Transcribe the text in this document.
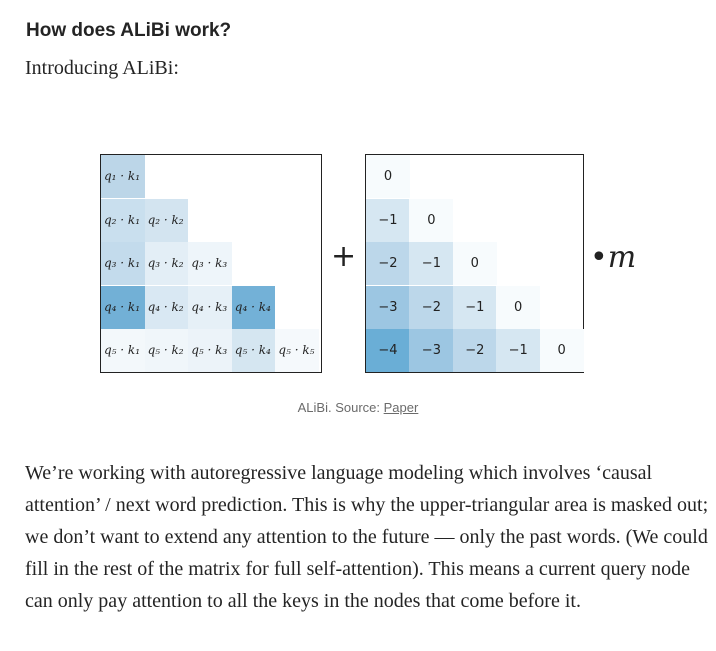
How does ALiBi work?
Introducing ALiBi:
q₁ · k₁
q₂ · k₁ q₂ · k₂
q₃ · k₁ q₃ · k₂ q₃ · k₃
q₄ · k₁ q₄ · k₂ q₄ · k₃ q₄ · k₄
q₅ · k₁ q₅ · k₂ q₅ · k₃ q₅ · k₄ q₅ · k₅
+
0
−1	0
−2	−1	0
−3	−2	−1	0
−4	−3	−2	−1	0
•m
ALiBi. Source: Paper
We’re working with autoregressive language modeling which involves ‘causal attention’ / next word prediction. This is why the upper-triangular area is masked out; we don’t want to extend any attention to the future — only the past words. (We could fill in the rest of the matrix for full self-attention). This means a current query node can only pay attention to all the keys in the nodes that come before it.
